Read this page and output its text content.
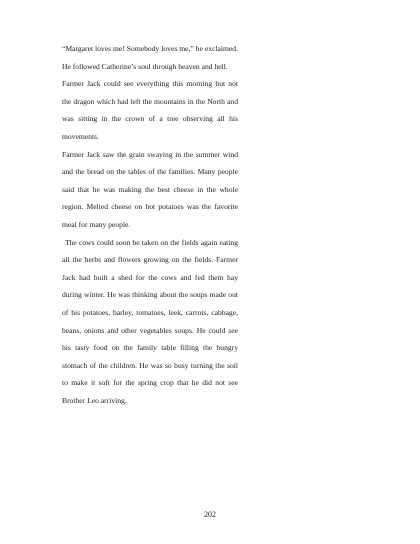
“Margaret loves me! Somebody loves me,” he exclaimed. He followed Catherine’s soul through heaven and hell.

Farmer Jack could see everything this morning but not the dragon which had left the mountains in the North and was sitting in the crown of a tree observing all his movements.

Farmer Jack saw the grain swaying in the summer wind and the bread on the tables of the families. Many people said that he was making the best cheese in the whole region. Melted cheese on hot potatoes was the favorite meal for many people.

The cows could soon be taken on the fields again eating all the herbs and flowers growing on the fields. Farmer Jack had built a shed for the cows and fed them hay during winter. He was thinking about the soups made out of his potatoes, barley, tomatoes, leek, carrots, cabbage, beans, onions and other vegetables soups. He could see his tasty food on the family table filling the hungry stomach of the children. He was so busy turning the soil to make it soft for the spring crop that he did not see Brother Leo arriving.

202
